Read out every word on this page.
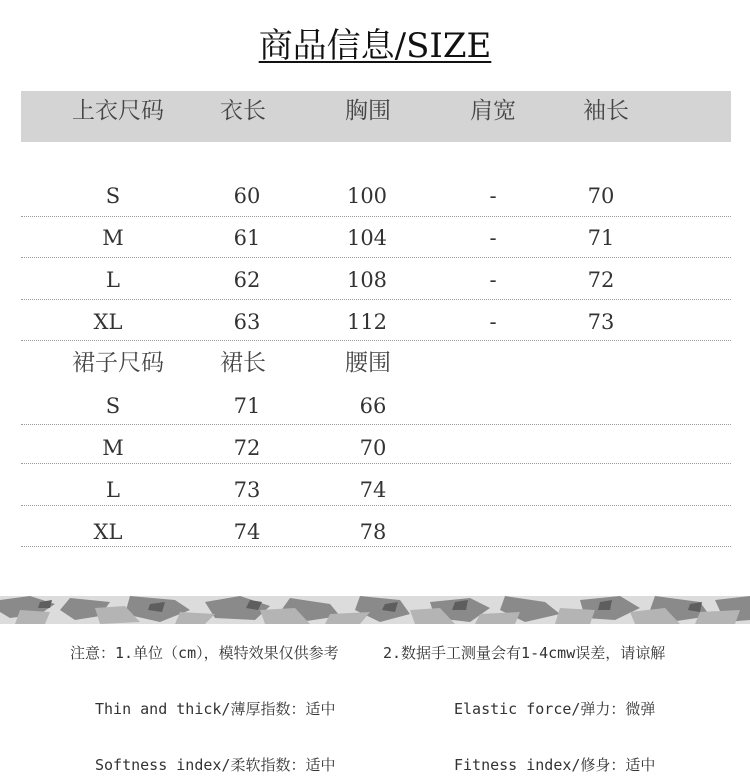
商品信息/SIZE
上衣尺码	衣长	胸围	肩宽	袖长
S	60	100	-	70
M	61	104	-	71
L	62	108	-	72
XL	63	112	-	73
裙子尺码	裙长	腰围
S	71	66
M	72	70
L	73	74
XL	74	78
注意：1.单位（cm），模特效果仅供参考	2.数据手工测量会有1-4cmw误差，请谅解
Thin and thick/薄厚指数：适中	Elastic force/弹力：微弹
Softness index/柔软指数：适中	Fitness index/修身：适中
